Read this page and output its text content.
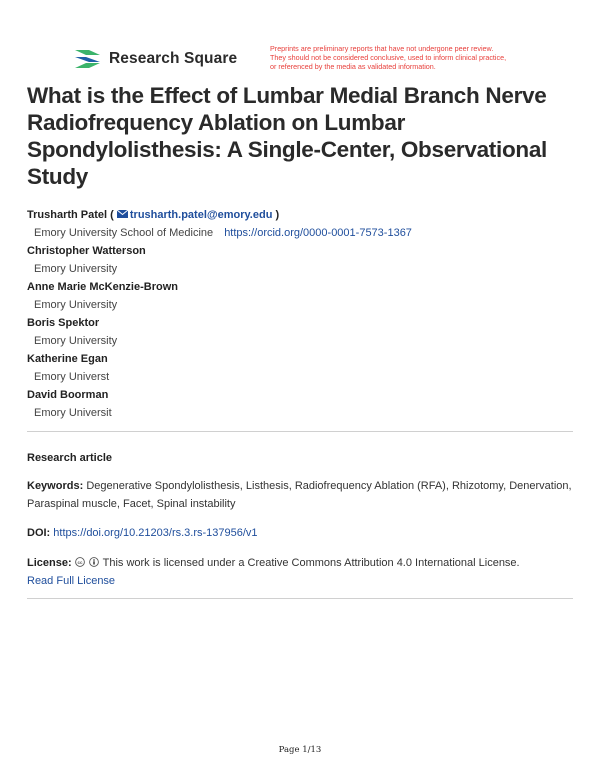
Research Square
Preprints are preliminary reports that have not undergone peer review.
They should not be considered conclusive, used to inform clinical practice,
or referenced by the media as validated information.
What is the Effect of Lumbar Medial Branch Nerve Radiofrequency Ablation on Lumbar Spondylolisthesis: A Single-Center, Observational Study
Trusharth Patel ( trusharth.patel@emory.edu )
Emory University School of Medicine https://orcid.org/0000-0001-7573-1367
Christopher Watterson
Emory University
Anne Marie McKenzie-Brown
Emory University
Boris Spektor
Emory University
Katherine Egan
Emory Universt
David Boorman
Emory Universit
Research article
Keywords: Degenerative Spondylolisthesis, Listhesis, Radiofrequency Ablation (RFA), Rhizotomy, Denervation, Paraspinal muscle, Facet, Spinal instability
DOI: https://doi.org/10.21203/rs.3.rs-137956/v1
License: cc This work is licensed under a Creative Commons Attribution 4.0 International License.
Read Full License
Page 1/13
